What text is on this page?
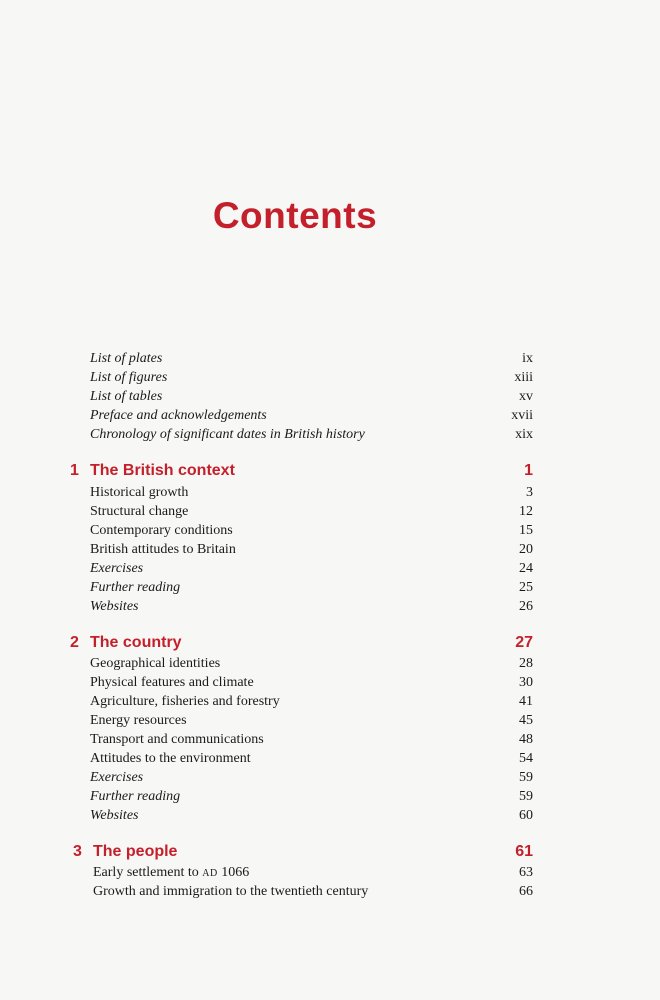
Contents
List of plates	ix
List of figures	xiii
List of tables	xv
Preface and acknowledgements	xvii
Chronology of significant dates in British history	xix
1 The British context	1
Historical growth	3
Structural change	12
Contemporary conditions	15
British attitudes to Britain	20
Exercises	24
Further reading	25
Websites	26
2 The country	27
Geographical identities	28
Physical features and climate	30
Agriculture, fisheries and forestry	41
Energy resources	45
Transport and communications	48
Attitudes to the environment	54
Exercises	59
Further reading	59
Websites	60
3 The people	61
Early settlement to AD 1066	63
Growth and immigration to the twentieth century	66
